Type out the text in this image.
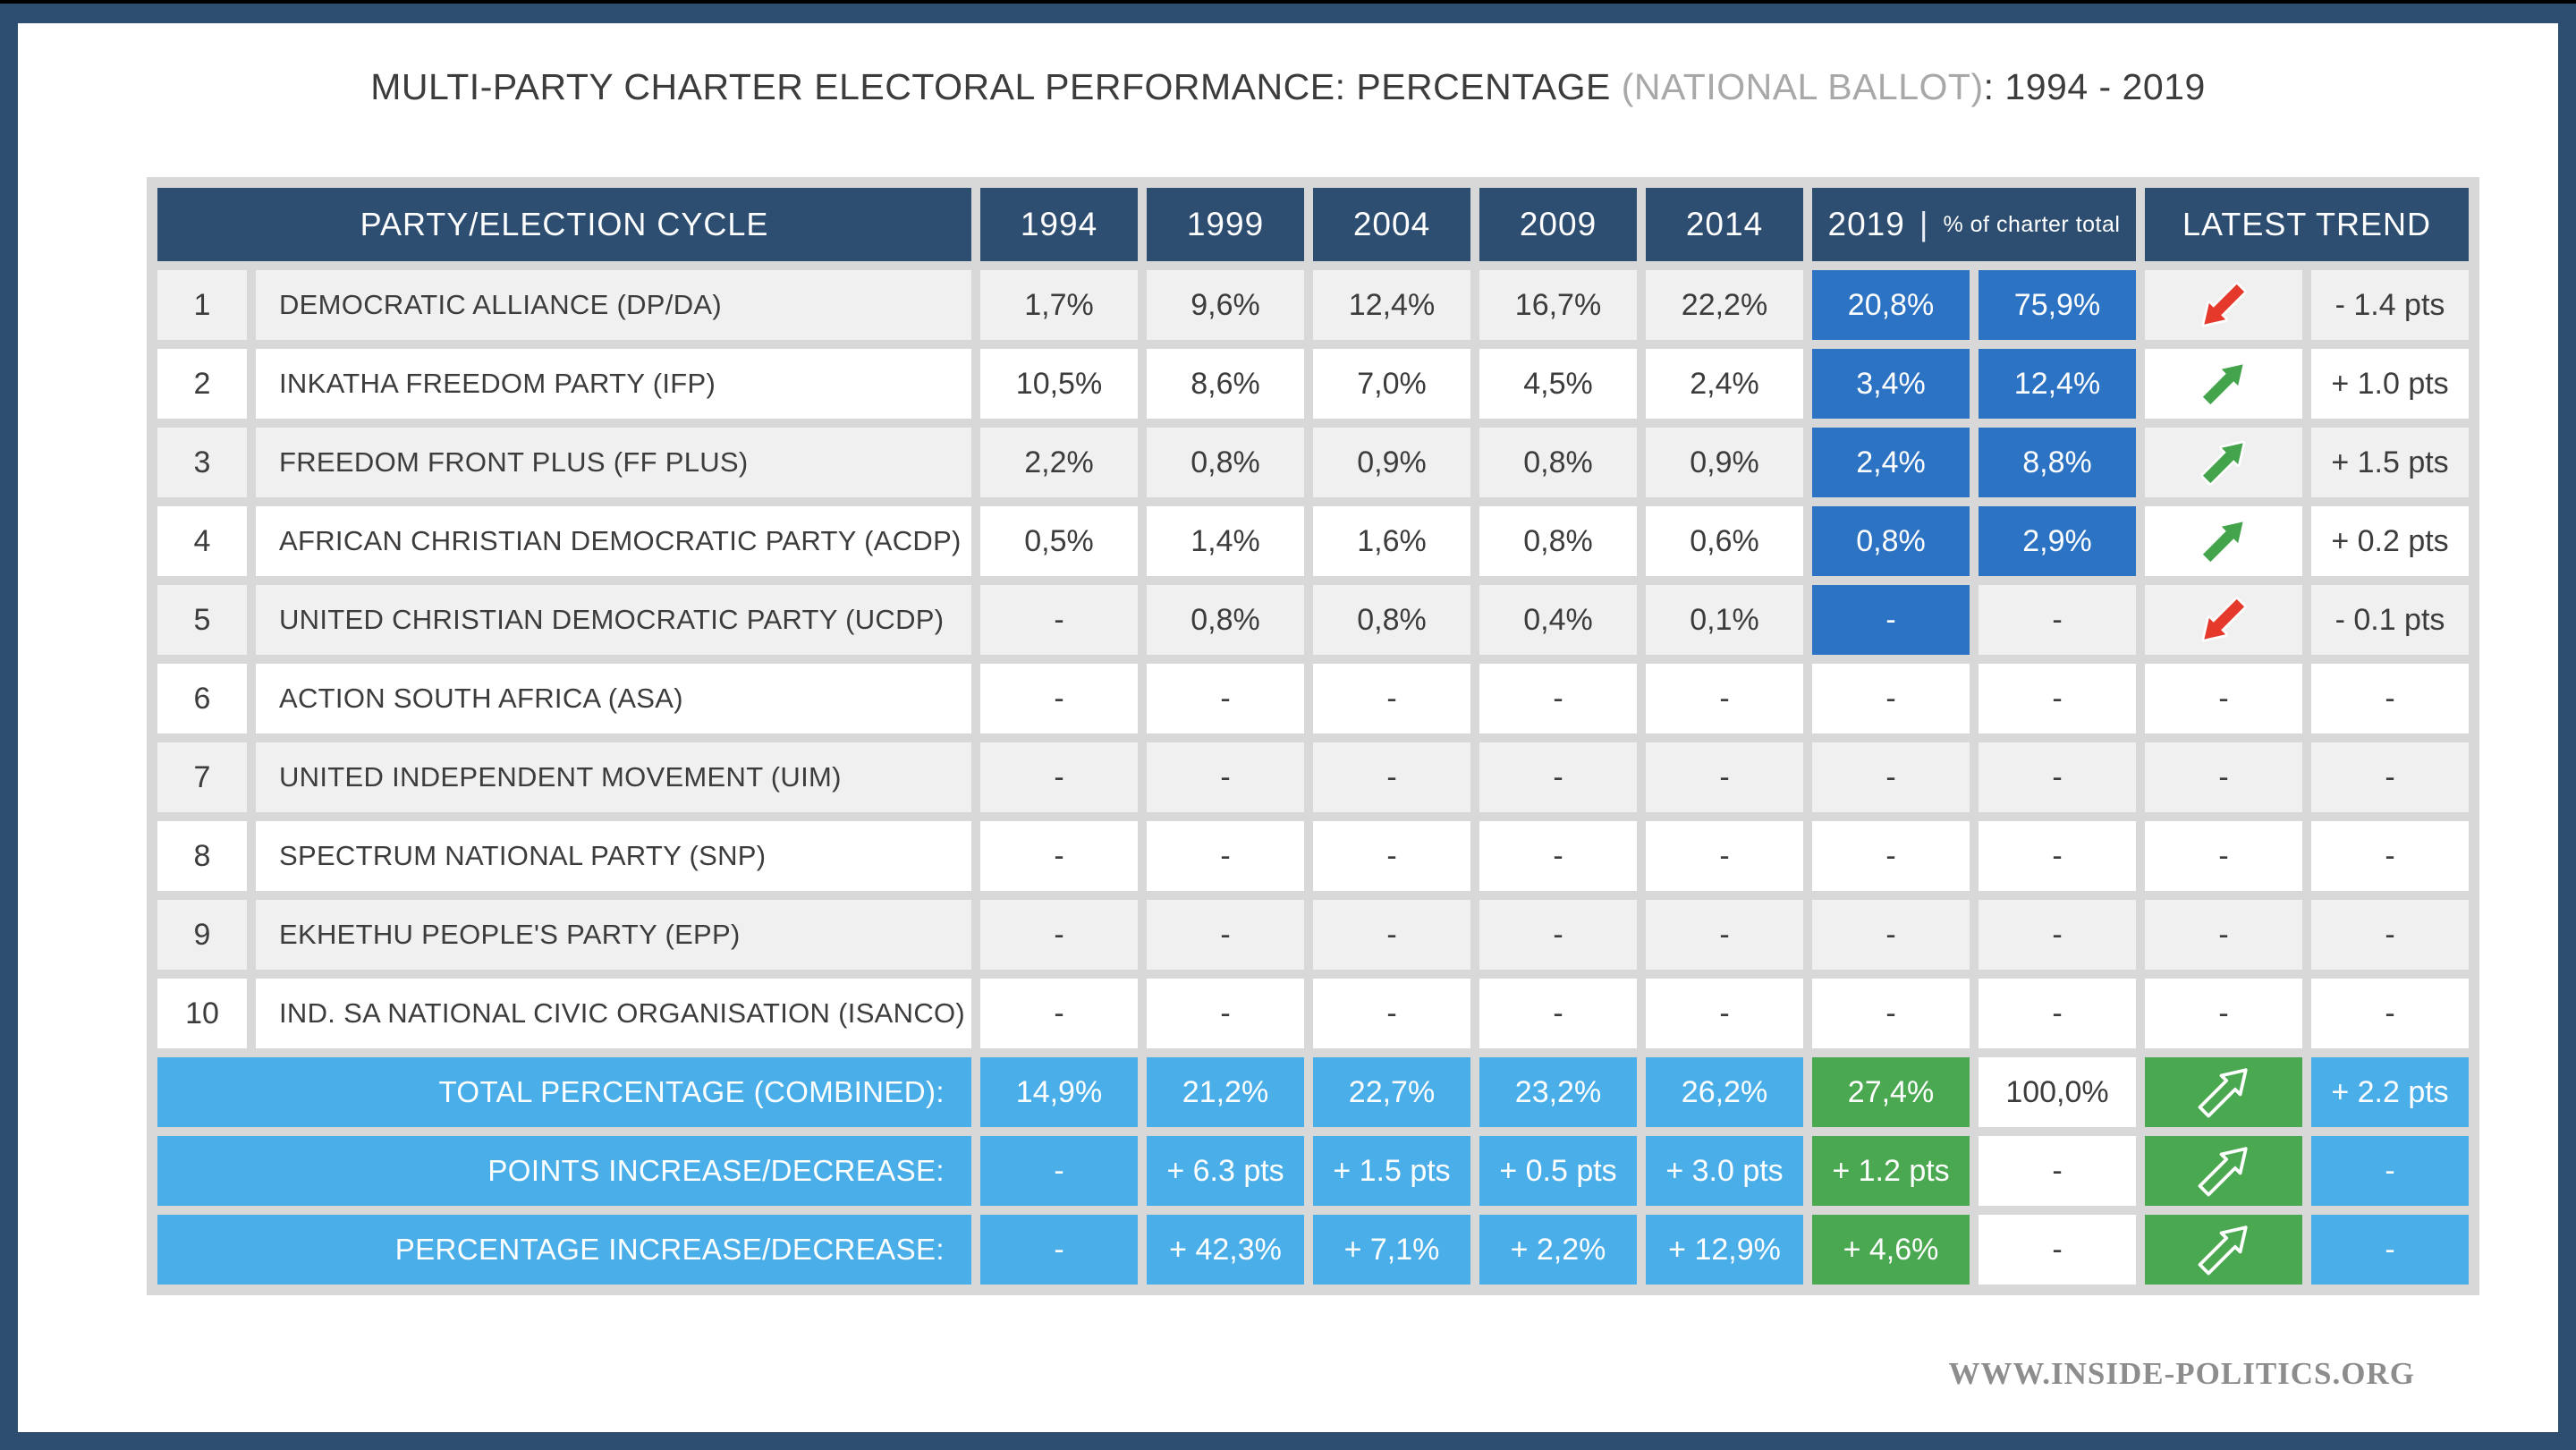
MULTI-PARTY CHARTER ELECTORAL PERFORMANCE: PERCENTAGE (NATIONAL BALLOT): 1994 - 2019
PARTY/ELECTION CYCLE	1994	1999	2004	2009	2014	2019 | % of charter total	LATEST TREND
1	DEMOCRATIC ALLIANCE (DP/DA)	1,7%	9,6%	12,4%	16,7%	22,2%	20,8%	75,9%	- 1.4 pts
2	INKATHA FREEDOM PARTY (IFP)	10,5%	8,6%	7,0%	4,5%	2,4%	3,4%	12,4%	+ 1.0 pts
3	FREEDOM FRONT PLUS (FF PLUS)	2,2%	0,8%	0,9%	0,8%	0,9%	2,4%	8,8%	+ 1.5 pts
4	AFRICAN CHRISTIAN DEMOCRATIC PARTY (ACDP)	0,5%	1,4%	1,6%	0,8%	0,6%	0,8%	2,9%	+ 0.2 pts
5	UNITED CHRISTIAN DEMOCRATIC PARTY (UCDP)	-	0,8%	0,8%	0,4%	0,1%	-	-	- 0.1 pts
6	ACTION SOUTH AFRICA (ASA)	-	-	-	-	-	-	-	-	-
7	UNITED INDEPENDENT MOVEMENT (UIM)	-	-	-	-	-	-	-	-	-
8	SPECTRUM NATIONAL PARTY (SNP)	-	-	-	-	-	-	-	-	-
9	EKHETHU PEOPLE'S PARTY (EPP)	-	-	-	-	-	-	-	-	-
10	IND. SA NATIONAL CIVIC ORGANISATION (ISANCO)	-	-	-	-	-	-	-	-	-
TOTAL PERCENTAGE (COMBINED):	14,9%	21,2%	22,7%	23,2%	26,2%	27,4%	100,0%	+ 2.2 pts
POINTS INCREASE/DECREASE:	-	+ 6.3 pts	+ 1.5 pts	+ 0.5 pts	+ 3.0 pts	+ 1.2 pts	-	-
PERCENTAGE INCREASE/DECREASE:	-	+ 42,3%	+ 7,1%	+ 2,2%	+ 12,9%	+ 4,6%	-	-
WWW.INSIDE-POLITICS.ORG
